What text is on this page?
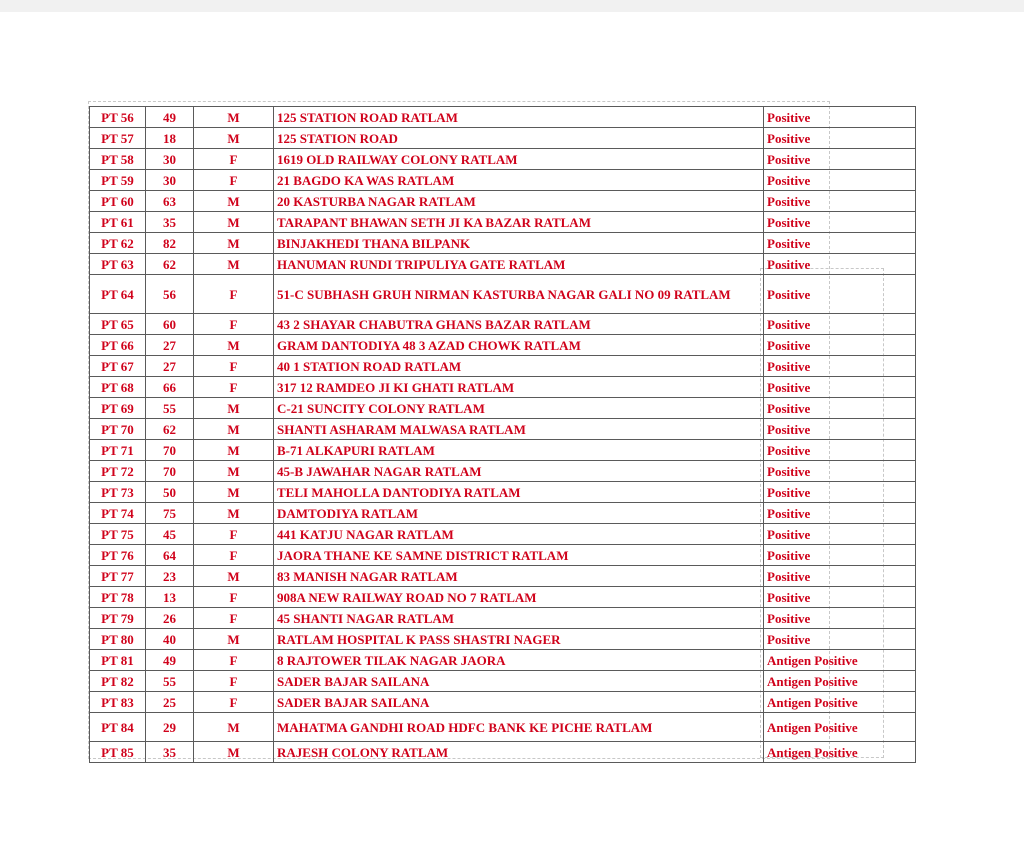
PT 56	49	M	125 STATION ROAD RATLAM	Positive
PT 57	18	M	125 STATION ROAD	Positive
PT 58	30	F	1619 OLD RAILWAY COLONY RATLAM	Positive
PT 59	30	F	21 BAGDO KA WAS RATLAM	Positive
PT 60	63	M	20 KASTURBA NAGAR RATLAM	Positive
PT 61	35	M	TARAPANT BHAWAN SETH JI KA BAZAR RATLAM	Positive
PT 62	82	M	BINJAKHEDI THANA BILPANK	Positive
PT 63	62	M	HANUMAN RUNDI TRIPULIYA GATE RATLAM	Positive
PT 64	56	F	51-C SUBHASH GRUH NIRMAN KASTURBA NAGAR GALI NO 09 RATLAM	Positive
PT 65	60	F	43 2 SHAYAR CHABUTRA GHANS BAZAR RATLAM	Positive
PT 66	27	M	GRAM DANTODIYA 48 3 AZAD CHOWK RATLAM	Positive
PT 67	27	F	40 1 STATION ROAD RATLAM	Positive
PT 68	66	F	317 12 RAMDEO JI KI GHATI RATLAM	Positive
PT 69	55	M	C-21 SUNCITY COLONY RATLAM	Positive
PT 70	62	M	SHANTI ASHARAM MALWASA RATLAM	Positive
PT 71	70	M	B-71 ALKAPURI RATLAM	Positive
PT 72	70	M	45-B JAWAHAR NAGAR RATLAM	Positive
PT 73	50	M	TELI MAHOLLA DANTODIYA RATLAM	Positive
PT 74	75	M	DAMTODIYA RATLAM	Positive
PT 75	45	F	441 KATJU NAGAR RATLAM	Positive
PT 76	64	F	JAORA THANE KE SAMNE DISTRICT RATLAM	Positive
PT 77	23	M	83 MANISH NAGAR RATLAM	Positive
PT 78	13	F	908A NEW RAILWAY ROAD NO 7 RATLAM	Positive
PT 79	26	F	45 SHANTI NAGAR RATLAM	Positive
PT 80	40	M	RATLAM HOSPITAL K PASS SHASTRI NAGER	Positive
PT 81	49	F	8 RAJTOWER TILAK NAGAR JAORA	Antigen Positive
PT 82	55	F	SADER BAJAR SAILANA	Antigen Positive
PT 83	25	F	SADER BAJAR SAILANA	Antigen Positive
PT 84	29	M	MAHATMA GANDHI ROAD HDFC BANK KE PICHE RATLAM	Antigen Positive
PT 85	35	M	RAJESH COLONY RATLAM	Antigen Positive
